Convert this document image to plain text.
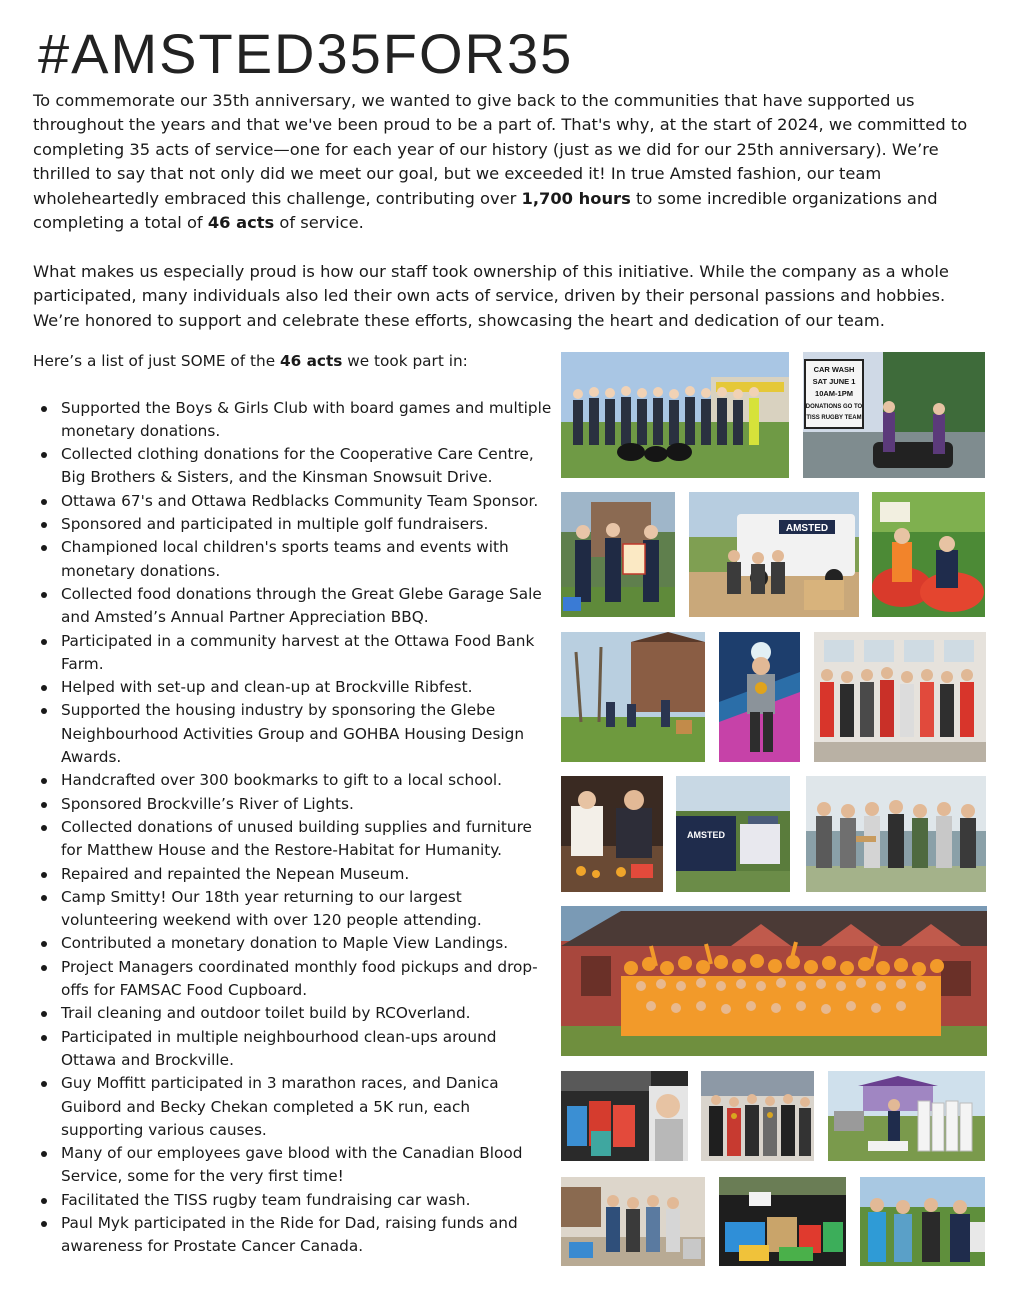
#AMSTED35FOR35

To commemorate our 35th anniversary, we wanted to give back to the communities that have supported us throughout the years and that we've been proud to be a part of. That's why, at the start of 2024, we committed to completing 35 acts of service—one for each year of our history (just as we did for our 25th anniversary). We’re thrilled to say that not only did we meet our goal, but we exceeded it! In true Amsted fashion, our team wholeheartedly embraced this challenge, contributing over 1,700 hours to some incredible organizations and completing a total of 46 acts of service.

What makes us especially proud is how our staff took ownership of this initiative. While the company as a whole participated, many individuals also led their own acts of service, driven by their personal passions and hobbies. We’re honored to support and celebrate these efforts, showcasing the heart and dedication of our team.

Here’s a list of just SOME of the 46 acts we took part in:

Supported the Boys & Girls Club with board games and multiple monetary donations.
Collected clothing donations for the Cooperative Care Centre, Big Brothers & Sisters, and the Kinsman Snowsuit Drive.
Ottawa 67's and Ottawa Redblacks Community Team Sponsor.
Sponsored and participated in multiple golf fundraisers.
Championed local children's sports teams and events with monetary donations.
Collected food donations through the Great Glebe Garage Sale and Amsted’s Annual Partner Appreciation BBQ.
Participated in a community harvest at the Ottawa Food Bank Farm.
Helped with set-up and clean-up at Brockville Ribfest.
Supported the housing industry by sponsoring the Glebe Neighbourhood Activities Group and GOHBA Housing Design Awards.
Handcrafted over 300 bookmarks to gift to a local school.
Sponsored Brockville’s River of Lights.
Collected donations of unused building supplies and furniture for Matthew House and the Restore-Habitat for Humanity.
Repaired and repainted the Nepean Museum.
Camp Smitty! Our 18th year returning to our largest volunteering weekend with over 120 people attending.
Contributed a monetary donation to Maple View Landings.
Project Managers coordinated monthly food pickups and drop-offs for FAMSAC Food Cupboard.
Trail cleaning and outdoor toilet build by RCOverland.
Participated in multiple neighbourhood clean-ups around Ottawa and Brockville.
Guy Moffitt participated in 3 marathon races, and Danica Guibord and Becky Chekan completed a 5K run, each supporting various causes.
Many of our employees gave blood with the Canadian Blood Service, some for the very first time!
Facilitated the TISS rugby team fundraising car wash.
Paul Myk participated in the Ride for Dad, raising funds and awareness for Prostate Cancer Canada.
CAR WASH
SAT JUNE 1
10AM-1PM
DONATIONS GO TO
TISS RUGBY TEAM
AMSTED
AMSTED
